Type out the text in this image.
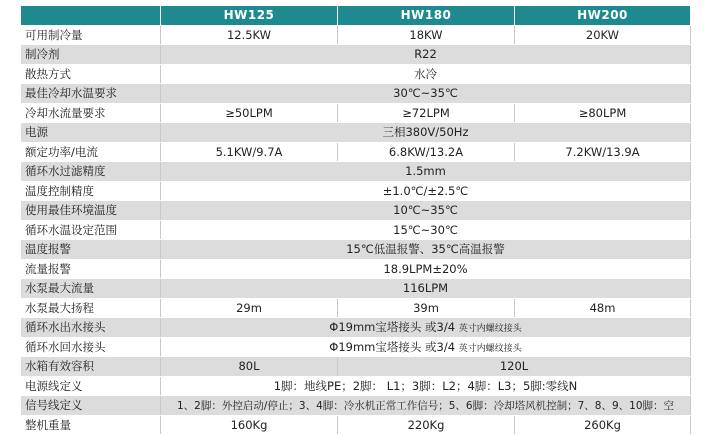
	HW125	HW180	HW200
可用制冷量	12.5KW	18KW	20KW
制冷剂	R22		
散热方式	水冷		
最佳冷却水温要求	30℃~35℃		
冷却水流量要求	≥50LPM	≥72LPM	≥80LPM
电源	三相380V/50Hz		
额定功率/电流	5.1KW/9.7A	6.8KW/13.2A	7.2KW/13.9A
循环水过滤精度	1.5mm		
温度控制精度	±1.0℃/±2.5℃		
使用最佳环境温度	10℃~35℃		
循环水温设定范围	15℃~30℃		
温度报警	15℃低温报警、35℃高温报警		
流量报警	18.9LPM±20%		
水泵最大流量	116LPM		
水泵最大扬程	29m	39m	48m
循环水出水接头	Φ19mm宝塔接头 或3/4 英寸内螺纹接头		
循环水回水接头	Φ19mm宝塔接头 或3/4 英寸内螺纹接头		
水箱有效容积	80L	120L	
电源线定义	1脚：地线PE；2脚： L1；3脚：L2；4脚：L3；5脚:零线N		
信号线定义	1、2脚：外控启动/停止；3、4脚：冷水机正常工作信号；5、6脚：冷却塔风机控制；7、8、9、10脚：空		
整机重量	160Kg	220Kg	260Kg
